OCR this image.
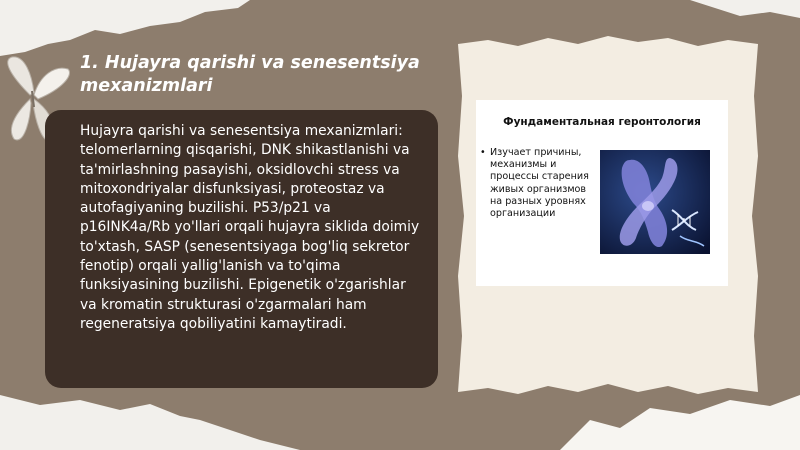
1. Hujayra qarishi va senesentsiya mexanizmlari
Hujayra qarishi va senesentsiya mexanizmlari: telomerlarning qisqarishi, DNK shikastlanishi va ta'mirlashning pasayishi, oksidlovchi stress va mitoxondriyalar disfunksiyasi, proteostaz va autofagiyaning buzilishi. P53/p21 va p16INK4a/Rb yo'llari orqali hujayra siklida doimiy to'xtash, SASP (senesentsiyaga bog'liq sekretor fenotip) orqali yallig'lanish va to'qima funksiyasining buzilishi. Epigenetik o'zgarishlar va kromatin strukturasi o'zgarmalari ham regeneratsiya qobiliyatini kamaytiradi.
Фундаментальная геронтология
• Изучает причины, механизмы и процессы старения живых организмов на разных уровнях организации
